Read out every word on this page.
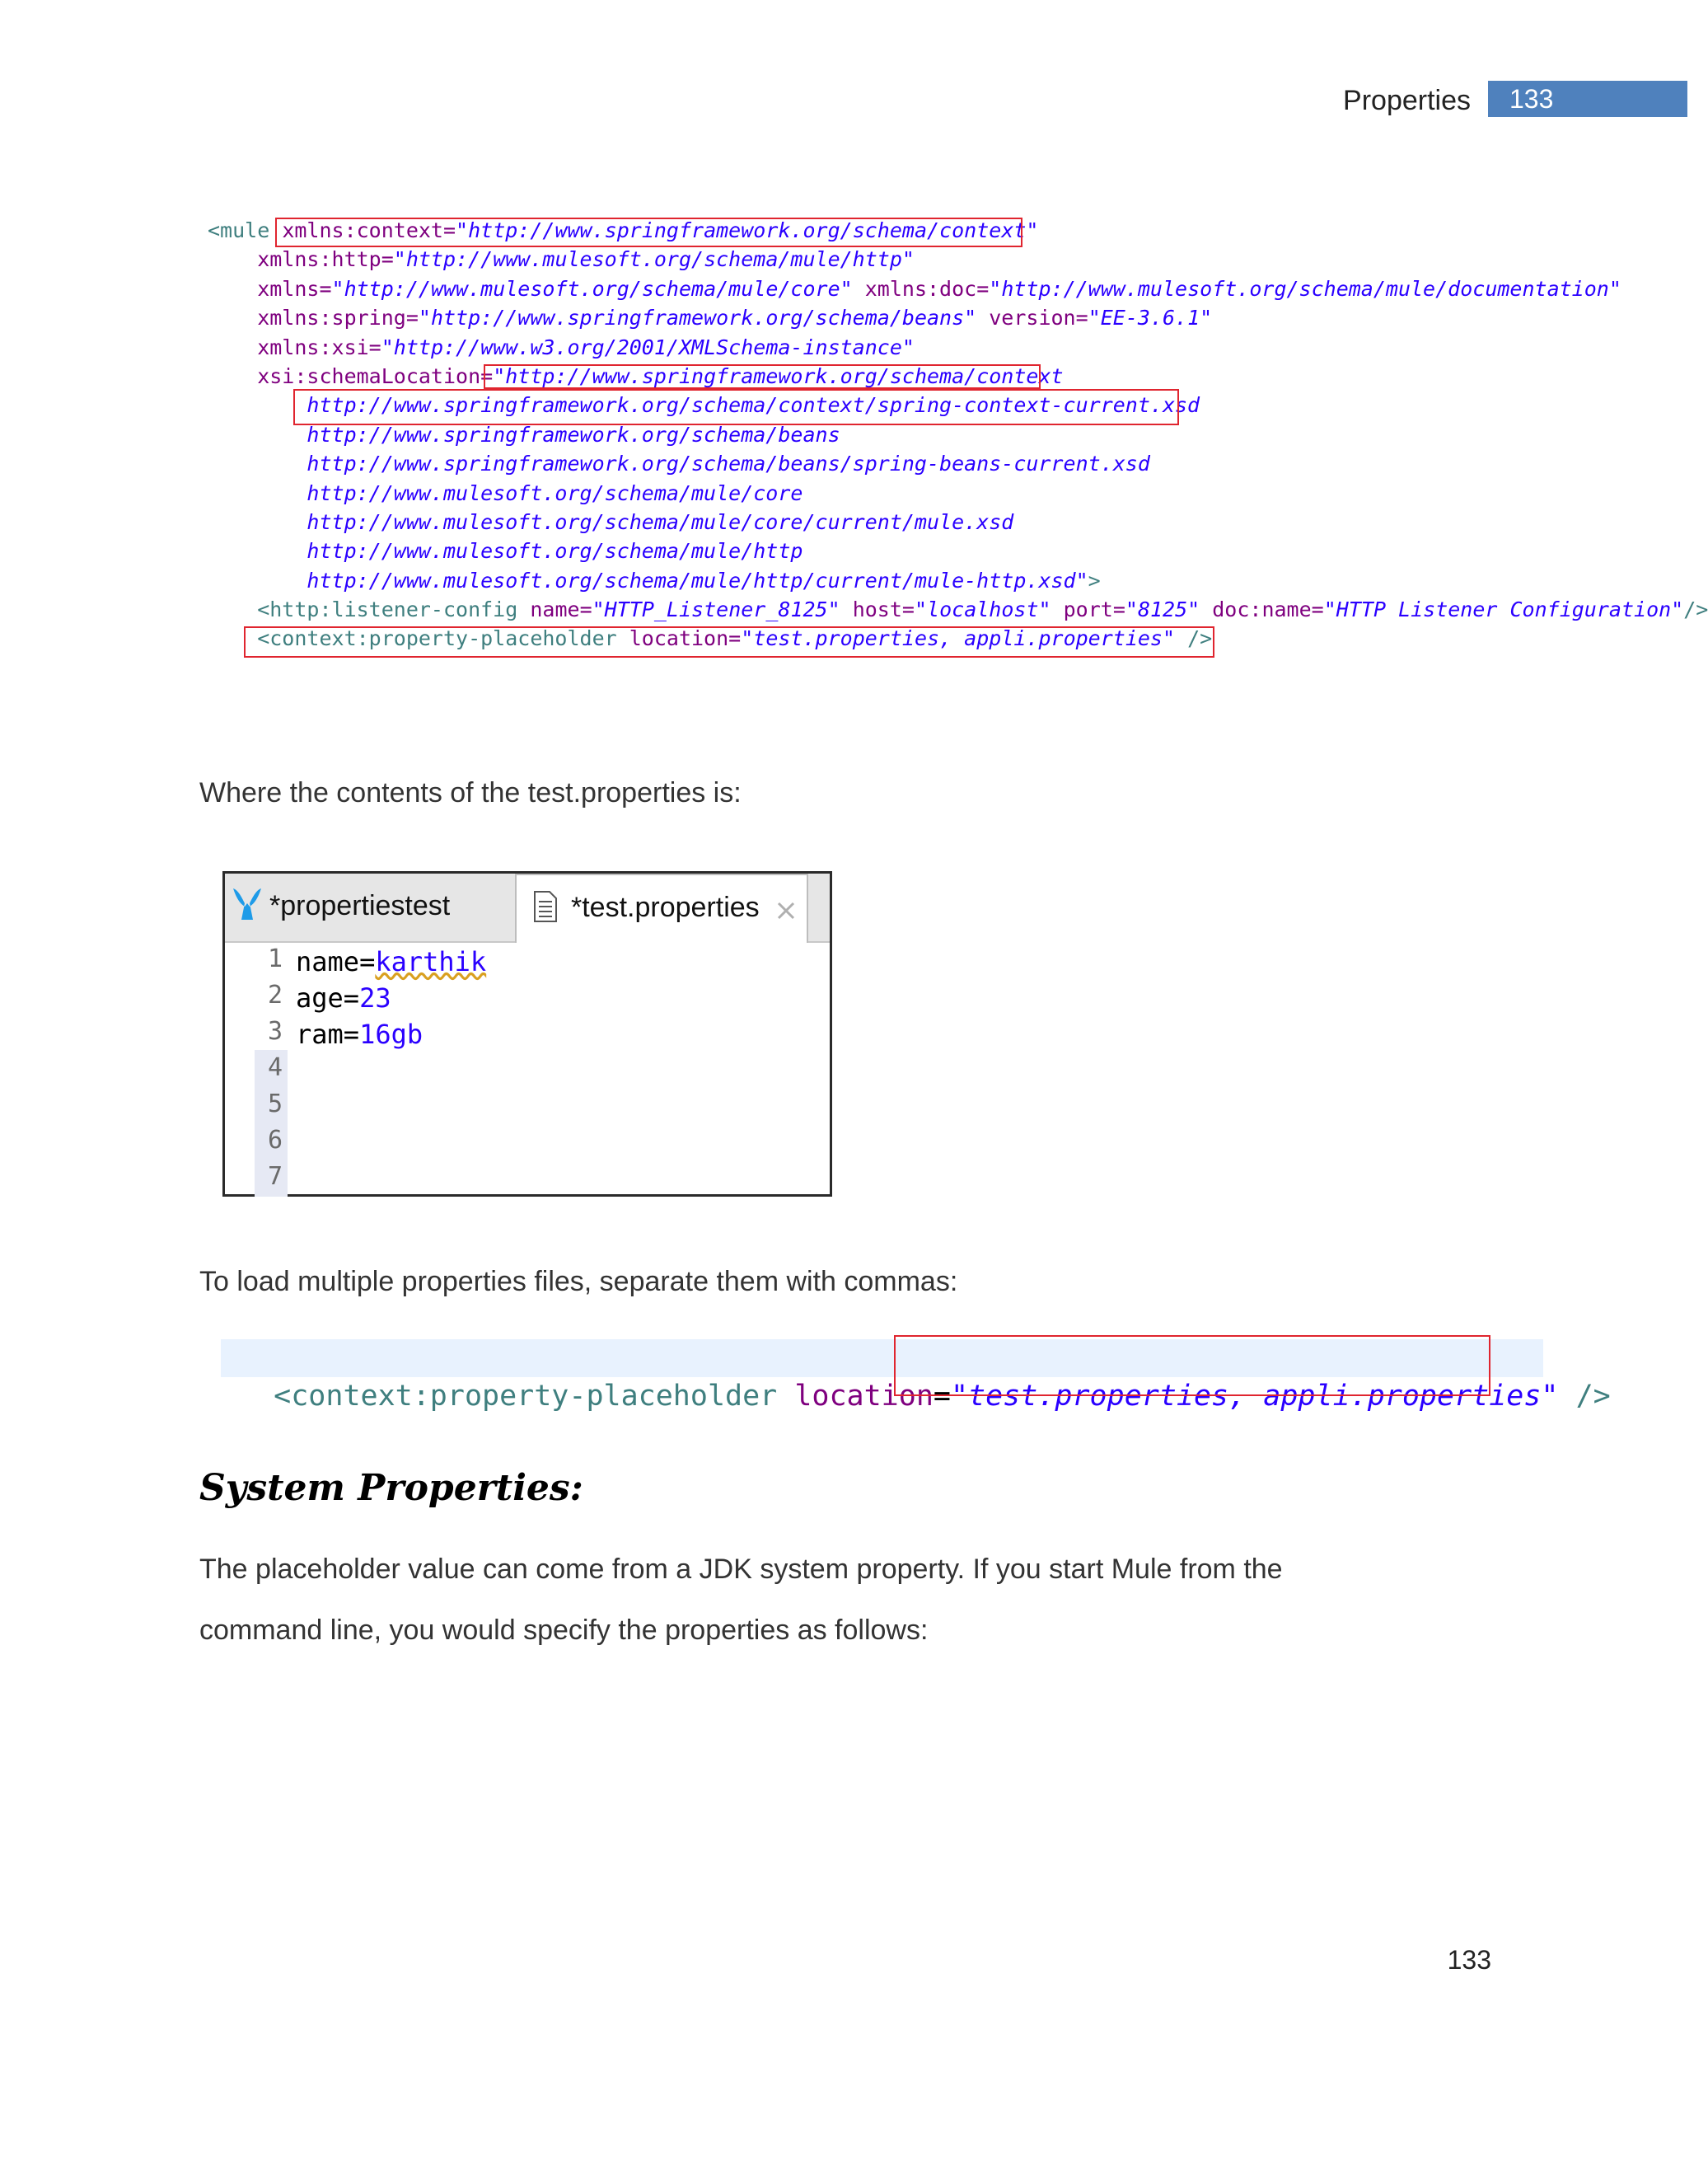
Properties	133
<mule xmlns:context="http://www.springframework.org/schema/context"
xmlns:http="http://www.mulesoft.org/schema/mule/http"
xmlns="http://www.mulesoft.org/schema/mule/core" xmlns:doc="http://www.mulesoft.org/schema/mule/documentation"
xmlns:spring="http://www.springframework.org/schema/beans" version="EE-3.6.1"
xmlns:xsi="http://www.w3.org/2001/XMLSchema-instance"
xsi:schemaLocation="http://www.springframework.org/schema/context
http://www.springframework.org/schema/context/spring-context-current.xsd
http://www.springframework.org/schema/beans
http://www.springframework.org/schema/beans/spring-beans-current.xsd
http://www.mulesoft.org/schema/mule/core
http://www.mulesoft.org/schema/mule/core/current/mule.xsd
http://www.mulesoft.org/schema/mule/http
http://www.mulesoft.org/schema/mule/http/current/mule-http.xsd">
<http:listener-config name="HTTP_Listener_8125" host="localhost" port="8125" doc:name="HTTP Listener Configuration"/>
<context:property-placeholder location="test.properties, appli.properties" />
Where the contents of the test.properties is:
*propertiestest	*test.properties
1 name=karthik
2 age=23
3 ram=16gb
4
5
6
7
To load multiple properties files, separate them with commas:

<context:property-placeholder location="test.properties, appli.properties" />

System Properties:
The placeholder value can come from a JDK system property. If you start Mule from the
command line, you would specify the properties as follows:
133
